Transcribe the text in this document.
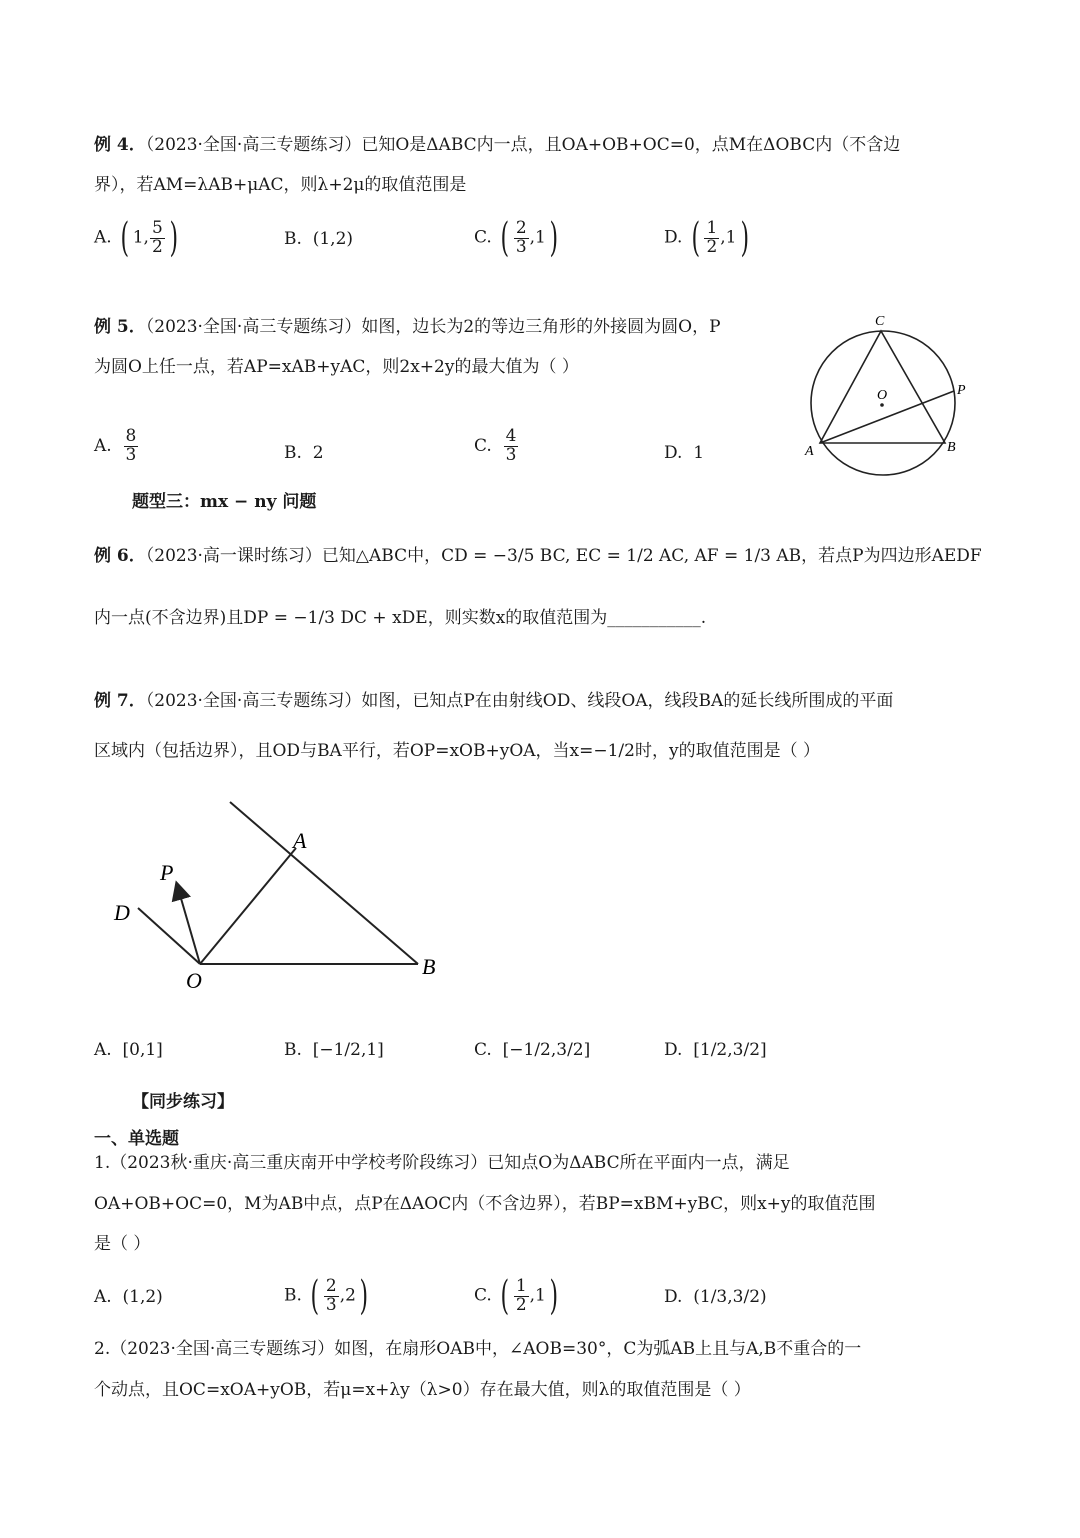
例 4．（2023·全国·高三专题练习）已知O是ΔABC内一点，且OA+OB+OC=0，点M在ΔOBC内（不含边
界），若AM=λAB+μAC，则λ+2μ的取值范围是
A. ( 1, $\frac{5}{2}$ )	B. (1,2)	C. ( $\frac{2}{3} ,1$)	D. ( $\frac{1}{2} ,1$)
例 5．（2023·全国·高三专题练习）如图，边长为2的等边三角形的外接圆为圆O，P
为圆O上任一点，若AP=xAB+yAC，则2x+2y的最大值为（ ）
C
O	P
A	B
A. $\frac{8}{3}$	B. 2	C. $\frac{4}{3}$	D. 1
题型三：mx − ny 问题
例 6．（2023·高一课时练习）已知△ABC中，CD = −3/5 BC, EC = 1/2 AC, AF = 1/3 AB，若点P为四边形AEDF
内一点(不含边界)且DP = −1/3 DC + xDE，则实数x的取值范围为___________.
例 7．（2023·全国·高三专题练习）如图，已知点P在由射线OD、线段OA，线段BA的延长线所围成的平面
区域内（包括边界），且OD与BA平行，若OP=xOB+yOA，当x=−1/2时，y的取值范围是（ ）
A
P
D
O
B
A. [0,1]	B. [−1/2,1]	C. [−1/2,3/2]	D. [1/2,3/2]
【同步练习】
一、单选题
1.（2023秋·重庆·高三重庆南开中学校考阶段练习）已知点O为ΔABC所在平面内一点，满足
OA+OB+OC=0，M为AB中点，点P在ΔAOC内（不含边界），若BP=xBM+yBC，则x+y的取值范围
是（ ）
A. (1,2)	B. ( $\frac{2}{3} ,2$)	C. ( $\frac{1}{2} ,1$)	D. (1/3,3/2)
2.（2023·全国·高三专题练习）如图，在扇形OAB中，∠AOB=30°，C为弧AB上且与A,B不重合的一
个动点，且OC=xOA+yOB，若μ=x+λy（λ>0）存在最大值，则λ的取值范围是（ ）
